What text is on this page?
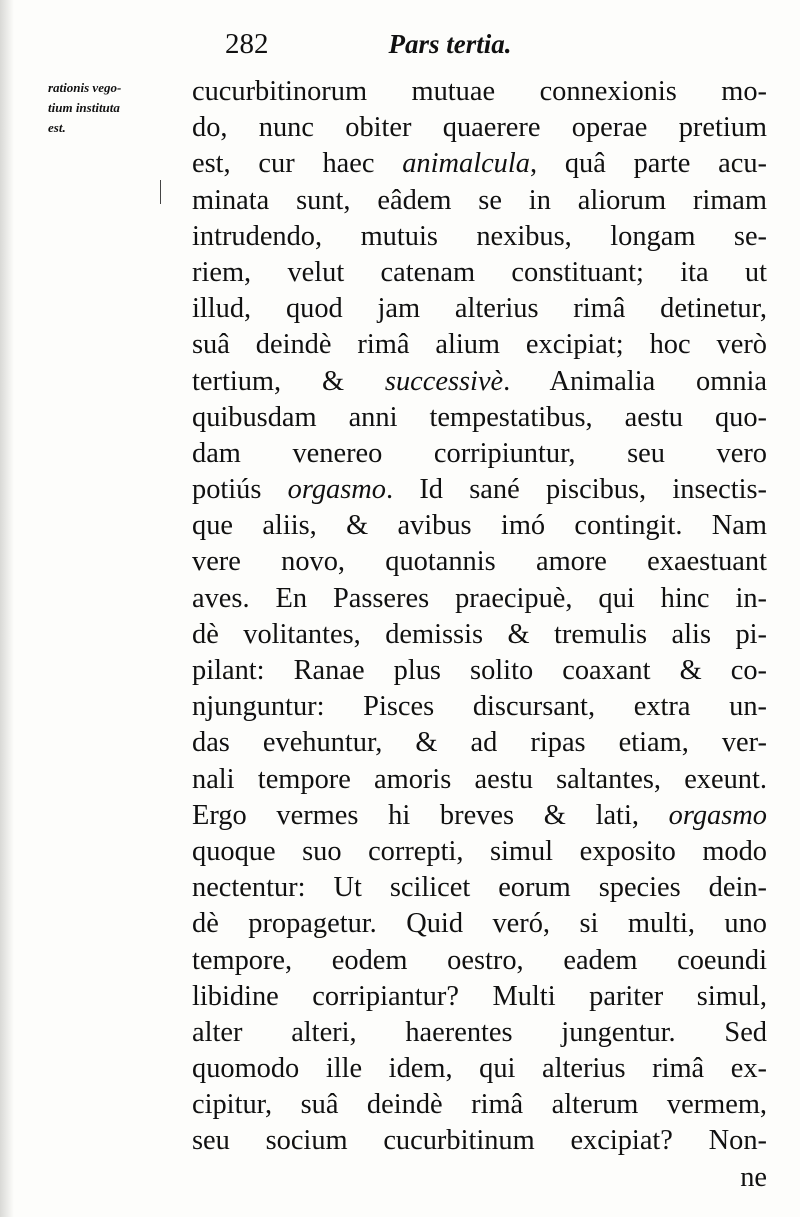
282	Pars tertia.
rationis vego-
tium instituta
est.
cucurbitinorum mutuae connexionis mo-
do, nunc obiter quaerere operae pretium
est, cur haec animalcula, quâ parte acu-
minata sunt, eâdem se in aliorum rimam
intrudendo, mutuis nexibus, longam se-
riem, velut catenam constituant; ita ut
illud, quod jam alterius rimâ detinetur,
suâ deindè rimâ alium excipiat; hoc verò
tertium, & successivè. Animalia omnia
quibusdam anni tempestatibus, aestu quo-
dam venereo corripiuntur, seu vero
potiús orgasmo. Id sané piscibus, insectis-
que aliis, & avibus imó contingit. Nam
vere novo, quotannis amore exaestuant
aves. En Passeres praecipuè, qui hinc in-
dè volitantes, demissis & tremulis alis pi-
pilant: Ranae plus solito coaxant & co-
njunguntur: Pisces discursant, extra un-
das evehuntur, & ad ripas etiam, ver-
nali tempore amoris aestu saltantes, exeunt.
Ergo vermes hi breves & lati, orgasmo
quoque suo correpti, simul exposito modo
nectentur: Ut scilicet eorum species dein-
dè propagetur. Quid veró, si multi, uno
tempore, eodem oestro, eadem coeundi
libidine corripiantur? Multi pariter simul,
alter alteri, haerentes jungentur. Sed
quomodo ille idem, qui alterius rimâ ex-
cipitur, suâ deindè rimâ alterum vermem,
seu socium cucurbitinum excipiat? Non-
ne
